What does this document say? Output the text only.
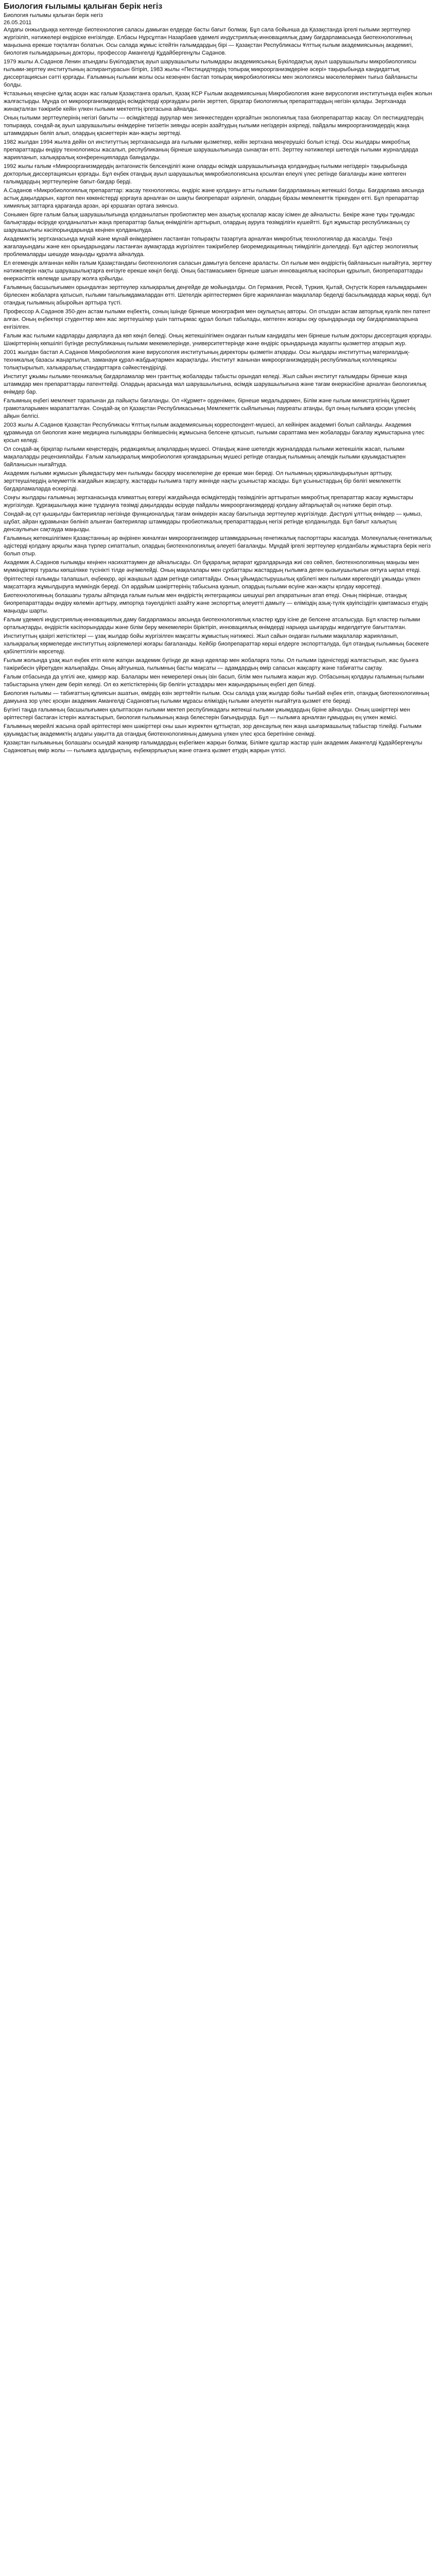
Биология ғылымы қалыған берік негіз
Биология ғылымы қалыған берік негіз
26.05.2011

Алдағы онжылдыққа келгенде биотехнология саласы дамыған елдерде басты бағыт болмақ. Бұл сала бойынша да Қазақстанда іргелі ғылыми зерттеулер жүргізіліп, нәтижелері өндіріске енгізілуде. Елбасы Нұрсұлтан Назарбаев үдемелі индустриялық-инновациялық даму бағдарламасында биотехнологияның маңызына ерекше тоқталған болатын. Осы салада жұмыс істейтін ғалымдардың бірі — Қазақстан Республикасы Ұлттық ғылым академиясының академигі, биология ғылымдарының докторы, профессор Амангелді Құдайбергенұлы Сәдәнов.

1979 жылы А.Сәдәнов Ленин атындағы Бүкілодақтық ауыл шаруашылығы ғылымдары академиясының Бүкілодақтық ауыл шаруашылығы микробиологиясы ғылыми-зерттеу институтының аспирантурасын бітіріп, 1983 жылы «Пестицидтердің топырақ микроорганизмдеріне әсері» тақырыбында кандидаттық диссертациясын сәтті қорғады. Ғалымның ғылыми жолы осы кезеңнен бастап топырақ микробиологиясы мен экологиясы мәселелерімен тығыз байланысты болды.

Ұстазының кеңесіне құлақ асқан жас ғалым Қазақстанға оралып, Қазақ КСР Ғылым академиясының Микробиология және вирусология институтында еңбек жолын жалғастырды. Мұнда ол микроорганизмдердің өсімдіктерді қорғаудағы рөлін зерттеп, бірқатар биологиялық препараттардың негізін қалады. Зертханада жинақталған тәжірибе кейін үлкен ғылыми мектептің іргетасына айналды.

Оның ғылыми зерттеулерінің негізгі бағыты — өсімдіктерді аурулар мен зиянкестерден қорғайтын экологиялық таза биопрепараттар жасау. Ол пестицидтердің топыраққа, сондай-ақ ауыл шаруашылығы өнімдеріне тигізетін зиянды әсерін азайтудың ғылыми негіздерін әзірледі, пайдалы микроорганизмдердің жаңа штаммдарын бөліп алып, олардың қасиеттерін жан-жақты зерттеді.

1982 жылдан 1994 жылға дейін ол институттың зертханасында аға ғылыми қызметкер, кейін зертхана меңгерушісі болып істеді. Осы жылдары микробтық препараттарды өндіру технологиясы жасалып, республиканың бірнеше шаруашылығында сынақтан өтті. Зерттеу нәтижелері шетелдік ғылыми журналдарда жарияланып, халықаралық конференцияларда баяндалды.

1992 жылы ғалым «Микроорганизмдердің антагонистік белсенділігі және оларды өсімдік шаруашылығында қолданудың ғылыми негіздері» тақырыбында докторлық диссертациясын қорғады. Бұл еңбек отандық ауыл шаруашылық микробиологиясына қосылған елеулі үлес ретінде бағаланды және көптеген ғалымдардың зерттеулеріне бағыт-бағдар берді.

А.Сәдәнов «Микробиологиялық препараттар: жасау технологиясы, өндіріс және қолдану» атты ғылыми бағдарламаның жетекшісі болды. Бағдарлама аясында астық дақылдарын, картоп пен көкөністерді қорғауға арналған он шақты биопрепарат әзірленіп, олардың біразы мемлекеттік тіркеуден өтті. Бұл препараттар химиялық заттарға қарағанда арзан, әрі қоршаған ортаға зиянсыз.

Сонымен бірге ғалым балық шаруашылығында қолданылатын пробиотиктер мен азықтық қоспалар жасау ісімен де айналысты. Бекіре және тұқы тұқымдас балықтарды өсіруде қолданылатын жаңа препараттар балық өнімділігін арттырып, олардың ауруға төзімділігін күшейтті. Бұл жұмыстар республиканың су шаруашылығы кәсіпорындарында кеңінен қолданылуда.

Академиктің зертханасында мұнай және мұнай өнімдерімен ластанған топырақты тазартуға арналған микробтық технологиялар да жасалды. Теңіз жағалауындағы және кен орындарындағы ластанған аумақтарда жүргізілген тәжірибелер биоремедиацияның тиімділігін дәлелдеді. Бұл әдістер экологиялық проблемаларды шешуде маңызды құралға айналуда.

Ел егемендік алғаннан кейін ғалым Қазақстандағы биотехнология саласын дамытуға белсене араласты. Ол ғылым мен өндірістің байланысын нығайтуға, зерттеу нәтижелерін нақты шаруашылықтарға енгізуге ерекше көңіл бөлді. Оның бастамасымен бірнеше шағын инновациялық кәсіпорын құрылып, биопрепараттарды өнеркәсіптік көлемде шығару жолға қойылды.

Ғалымның басшылығымен орындалған зерттеулер халықаралық деңгейде де мойындалды. Ол Германия, Ресей, Түркия, Қытай, Оңтүстік Корея ғалымдарымен бірлескен жобаларға қатысып, ғылыми тағылымдамалардан өтті. Шетелдік әріптестермен бірге жарияланған мақалалар беделді басылымдарда жарық көрді, бұл отандық ғылымның абыройын арттыра түсті.

Профессор А.Сәдәнов 350-ден астам ғылыми еңбектің, соның ішінде бірнеше монография мен оқулықтың авторы. Ол отыздан астам авторлық куәлік пен патент алған. Оның еңбектері студенттер мен жас зерттеушілер үшін таптырмас құрал болып табылады, көптеген жоғары оқу орындарында оқу бағдарламаларына енгізілген.

Ғалым жас ғылыми кадрларды даярлауға да көп көңіл бөледі. Оның жетекшілігімен ондаған ғылым кандидаты мен бірнеше ғылым докторы диссертация қорғады. Шәкірттерінің көпшілігі бүгінде республиканың ғылыми мекемелерінде, университеттерінде және өндіріс орындарында жауапты қызметтер атқарып жүр.

2001 жылдан бастап А.Сәдәнов Микробиология және вирусология институтының директоры қызметін атқарды. Осы жылдары институттың материалдық-техникалық базасы жаңартылып, заманауи құрал-жабдықтармен жарақталды. Институт жанынан микроорганизмдердің республикалық коллекциясы толықтырылып, халықаралық стандарттарға сәйкестендірілді.

Институт ұжымы ғылыми-техникалық бағдарламалар мен гранттық жобаларды табысты орындап келеді. Жыл сайын институт ғалымдары бірнеше жаңа штаммдар мен препараттарды патенттейді. Олардың арасында мал шаруашылығына, өсімдік шаруашылығына және тағам өнеркәсібіне арналған биологиялық өнімдер бар.

Ғалымның еңбегі мемлекет тарапынан да лайықты бағаланды. Ол «Құрмет» орденімен, бірнеше медальдармен, Білім және ғылым министрлігінің Құрмет грамоталарымен марапатталған. Сондай-ақ ол Қазақстан Республикасының Мемлекеттік сыйлығының лауреаты атанды, бұл оның ғылымға қосқан үлесінің айқын белгісі.

2003 жылы А.Сәдәнов Қазақстан Республикасы Ұлттық ғылым академиясының корреспондент-мүшесі, ал кейінірек академигі болып сайланды. Академия құрамында ол биология және медицина ғылымдары бөлімшесінің жұмысына белсене қатысып, ғылыми сараптама мен жобаларды бағалау жұмыстарына үлес қосып келеді.

Ол сондай-ақ бірқатар ғылыми кеңестердің, редакциялық алқалардың мүшесі. Отандық және шетелдік журналдарда ғылыми жетекшілік жасап, ғылыми мақалаларды рецензиялайды. Ғалым халықаралық микробиология қоғамдарының мүшесі ретінде отандық ғылымның әлемдік ғылыми қауымдастықпен байланысын нығайтуда.

Академик ғылыми жұмысын ұйымдастыру мен ғылымды басқару мәселелеріне де ерекше мән береді. Ол ғылымның қаржыландырылуын арттыру, зерттеушілердің әлеуметтік жағдайын жақсарту, жастарды ғылымға тарту жөнінде нақты ұсыныстар жасады. Бұл ұсыныстардың бір бөлігі мемлекеттік бағдарламаларда ескерілді.

Соңғы жылдары ғалымның зертханасында климаттың өзгеруі жағдайында өсімдіктердің төзімділігін арттыратын микробтық препараттар жасау жұмыстары жүргізілуде. Құрғақшылыққа және тұздануға төзімді дақылдарды өсіруде пайдалы микроорганизмдерді қолдану айтарлықтай оң нәтиже беріп отыр.

Сондай-ақ сүт қышқылды бактериялар негізінде функционалдық тағам өнімдерін жасау бағытында зерттеулер жүргізілуде. Дәстүрлі ұлттық өнімдер — қымыз, шұбат, айран құрамынан бөлініп алынған бактериялар штаммдары пробиотикалық препараттардың негізі ретінде қолданылуда. Бұл бағыт халықтың денсаулығын сақтауда маңызды.

Ғалымның жетекшілігімен Қазақстанның әр өңірінен жиналған микроорганизмдер штаммдарының генетикалық паспорттары жасалуда. Молекулалық-генетикалық әдістерді қолдану арқылы жаңа түрлер сипатталып, олардың биотехнологиялық әлеуеті бағаланды. Мұндай іргелі зерттеулер қолданбалы жұмыстарға берік негіз болып отыр.

Академик А.Сәдәнов ғылымды кеңінен насихаттаумен де айналысады. Ол бұқаралық ақпарат құралдарында жиі сөз сөйлеп, биотехнологияның маңызы мен мүмкіндіктері туралы көпшілікке түсінікті тілде әңгімелейді. Оның мақалалары мен сұхбаттары жастардың ғылымға деген қызығушылығын оятуға ықпал етеді.

Әріптестері ғалымды талапшыл, еңбекқор, әрі жаңашыл адам ретінде сипаттайды. Оның ұйымдастырушылық қабілеті мен ғылыми көрегендігі ұжымды үлкен мақсаттарға жұмылдыруға мүмкіндік береді. Ол әрдайым шәкірттерінің табысына қуанып, олардың ғылыми өсуіне жан-жақты қолдау көрсетеді.

Биотехнологияның болашағы туралы айтқанда ғалым ғылым мен өндірістің интеграциясы шешуші рөл атқаратынын атап өтеді. Оның пікірінше, отандық биопрепараттарды өндіру көлемін арттыру, импортқа тәуелділікті азайту және экспорттық әлеуетті дамыту — еліміздің азық-түлік қауіпсіздігін қамтамасыз етудің маңызды шарты.

Ғалым үдемелі индустриялық-инновациялық даму бағдарламасы аясында биотехнологиялық кластер құру ісіне де белсене атсалысуда. Бұл кластер ғылыми орталықтарды, өндірістік кәсіпорындарды және білім беру мекемелерін біріктіріп, инновациялық өнімдерді нарыққа шығаруды жеделдетуге бағытталған.

Институттың қазіргі жетістіктері — ұзақ жылдар бойы жүргізілген мақсатты жұмыстың нәтижесі. Жыл сайын ондаған ғылыми мақалалар жарияланып, халықаралық көрмелерде институттың әзірлемелері жоғары бағаланады. Кейбір биопрепараттар көрші елдерге экспортталуда, бұл отандық ғылымның бәсекеге қабілеттілігін көрсетеді.

Ғылым жолында ұзақ жыл еңбек етіп келе жатқан академик бүгінде де жаңа идеялар мен жобаларға толы. Ол ғылыми ізденістерді жалғастырып, жас буынға тәжірибесін үйретуден жалықпайды. Оның айтуынша, ғылымның басты мақсаты — адамдардың өмір сапасын жақсарту және табиғатты сақтау.

Ғалым отбасында да үлгілі әке, қамқор жар. Балалары мен немерелері оның ізін басып, білім мен ғылымға жақын жүр. Отбасының қолдауы ғалымның ғылыми табыстарына үлкен дем беріп келеді. Ол өз жетістіктерінің бір бөлігін ұстаздары мен жақындарының еңбегі деп біледі.

Биология ғылымы — табиғаттың құпиясын ашатын, өмірдің өзін зерттейтін ғылым. Осы салада ұзақ жылдар бойы тынбай еңбек етіп, отандық биотехнологияның дамуына зор үлес қосқан академик Амангелді Сәдәновтың ғылыми мұрасы еліміздің ғылыми әлеуетін нығайтуға қызмет ете береді.

Бүгінгі таңда ғалымның басшылығымен қалыптасқан ғылыми мектеп республикадағы жетекші ғылыми ұжымдардың біріне айналды. Оның шәкірттері мен әріптестері бастаған істерін жалғастырып, биология ғылымының жаңа белестерін бағындыруда. Бұл — ғылымға арналған ғұмырдың ең үлкен жемісі.

Ғалымның мерейлі жасына орай әріптестері мен шәкірттері оны шын жүректен құттықтап, зор денсаулық пен жаңа шығармашылық табыстар тілейді. Ғылыми қауымдастық академиктің алдағы уақытта да отандық биотехнологияның дамуына үлкен үлес қоса беретініне сенімді.

Қазақстан ғылымының болашағы осындай жанқияр ғалымдардың еңбегімен жарқын болмақ. Білімге құштар жастар үшін академик Амангелді Құдайбергенұлы Сәдәновтың өмір жолы — ғылымға адалдықтың, еңбекқорлықтың және отанға қызмет етудің жарқын үлгісі.
